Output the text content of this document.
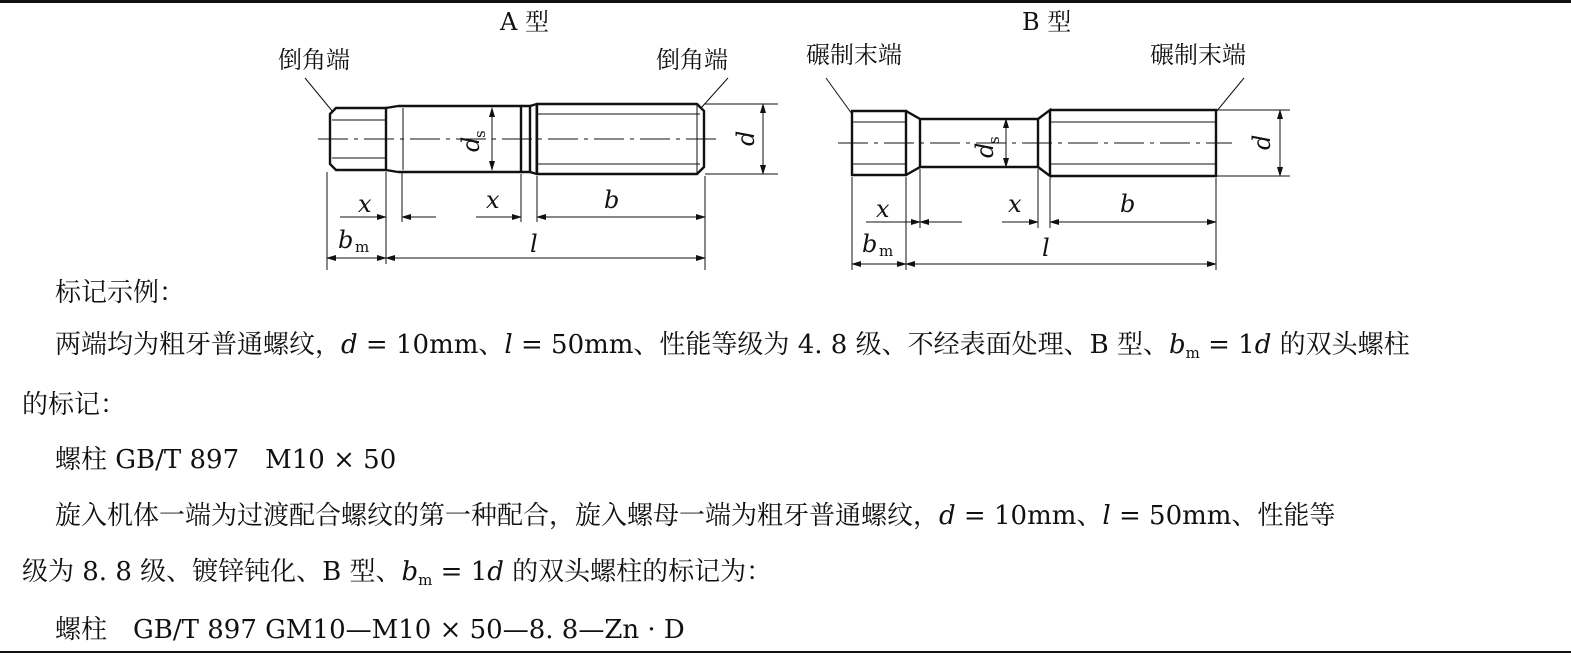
A 型	B 型
倒角端	倒角端	碾制末端	碾制末端
x	x	b
b m	l
d
s	d
x	x	b
b m	l
d
s	d
标记示例：
两端均为粗牙普通螺纹，d = 10mm、l = 50mm、性能等级为 4. 8 级、不经表面处理、B 型、$b_m = 1d$ 的双头螺柱
的标记：
螺柱 GB/T 897　M10 × 50
旋入机体一端为过渡配合螺纹的第一种配合，旋入螺母一端为粗牙普通螺纹，d = 10mm、l = 50mm、性能等
级为 8. 8 级、镀锌钝化、B 型、$b_m = 1d$ 的双头螺柱的标记为：
螺柱　GB/T 897 GM10—M10 × 50—8. 8—Zn · D
